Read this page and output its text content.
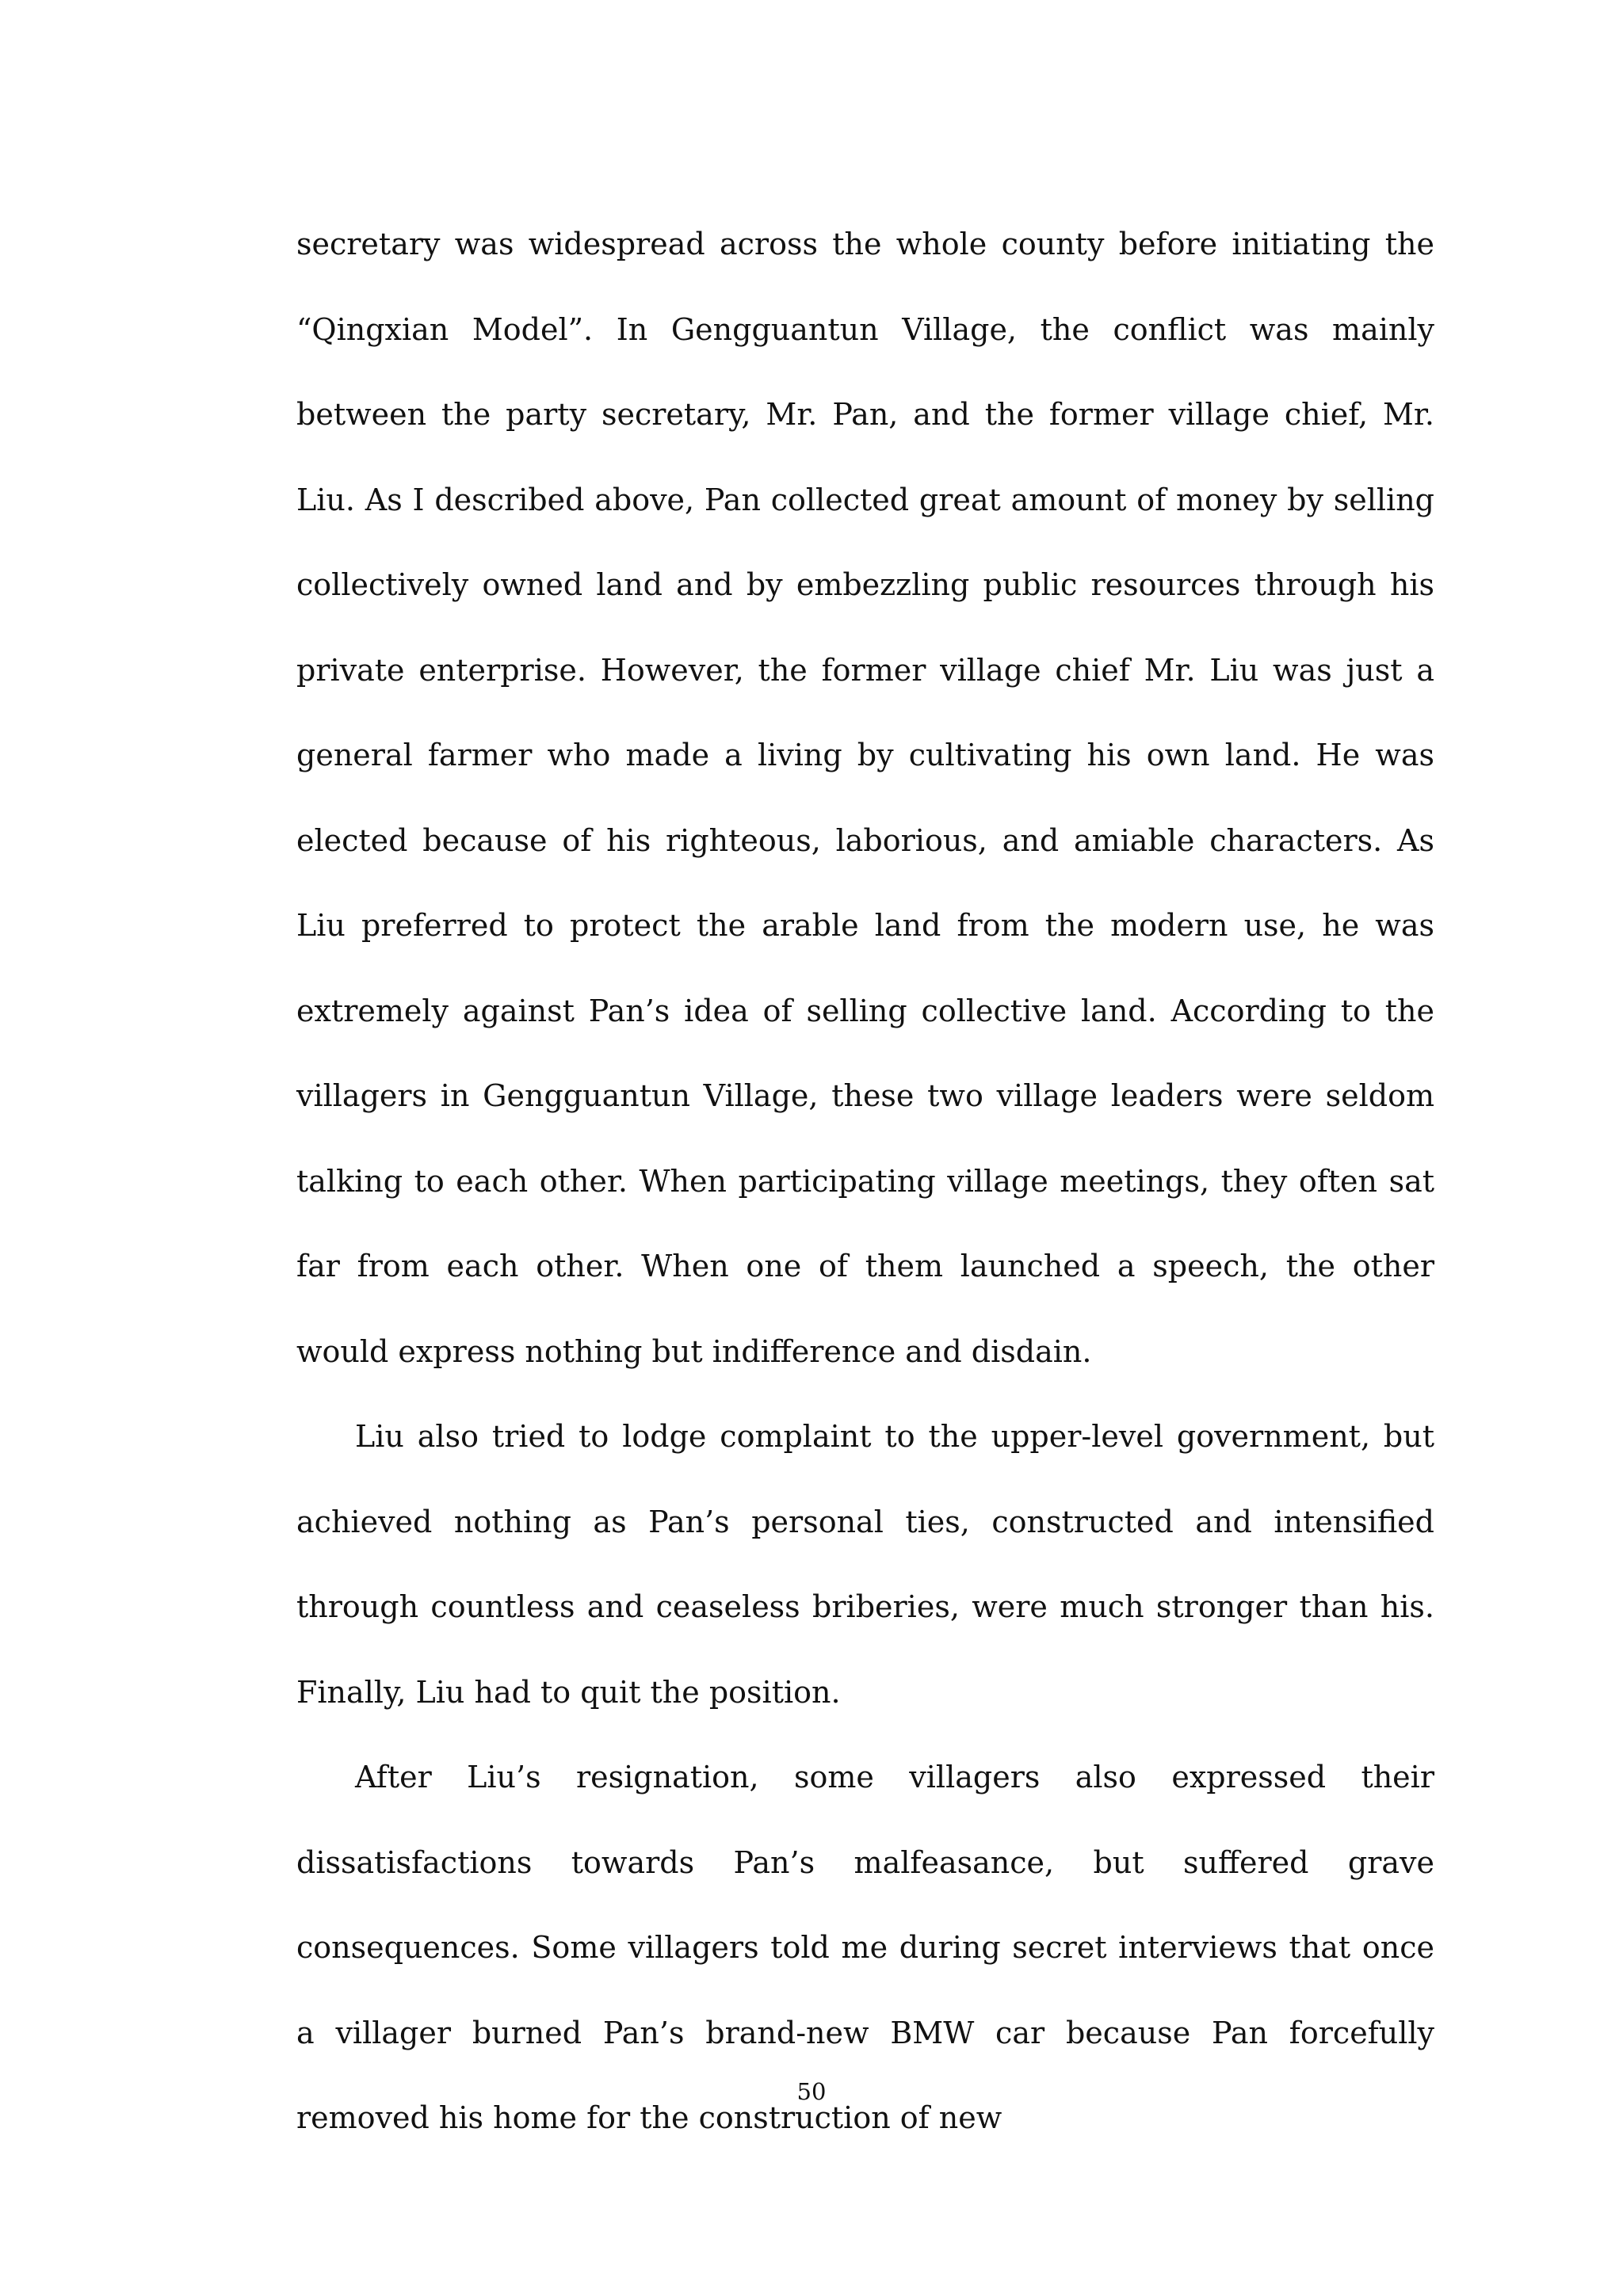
secretary was widespread across the whole county before initiating the “Qingxian Model”. In Gengguantun Village, the conflict was mainly between the party secretary, Mr. Pan, and the former village chief, Mr. Liu. As I described above, Pan collected great amount of money by selling collectively owned land and by embezzling public resources through his private enterprise. However, the former village chief Mr. Liu was just a general farmer who made a living by cultivating his own land. He was elected because of his righteous, laborious, and amiable characters. As Liu preferred to protect the arable land from the modern use, he was extremely against Pan’s idea of selling collective land. According to the villagers in Gengguantun Village, these two village leaders were seldom talking to each other. When participating village meetings, they often sat far from each other. When one of them launched a speech, the other would express nothing but indifference and disdain.

Liu also tried to lodge complaint to the upper-level government, but achieved nothing as Pan’s personal ties, constructed and intensified through countless and ceaseless briberies, were much stronger than his. Finally, Liu had to quit the position.

After Liu’s resignation, some villagers also expressed their dissatisfactions towards Pan’s malfeasance, but suffered grave consequences. Some villagers told me during secret interviews that once a villager burned Pan’s brand-new BMW car because Pan forcefully removed his home for the construction of new

50
